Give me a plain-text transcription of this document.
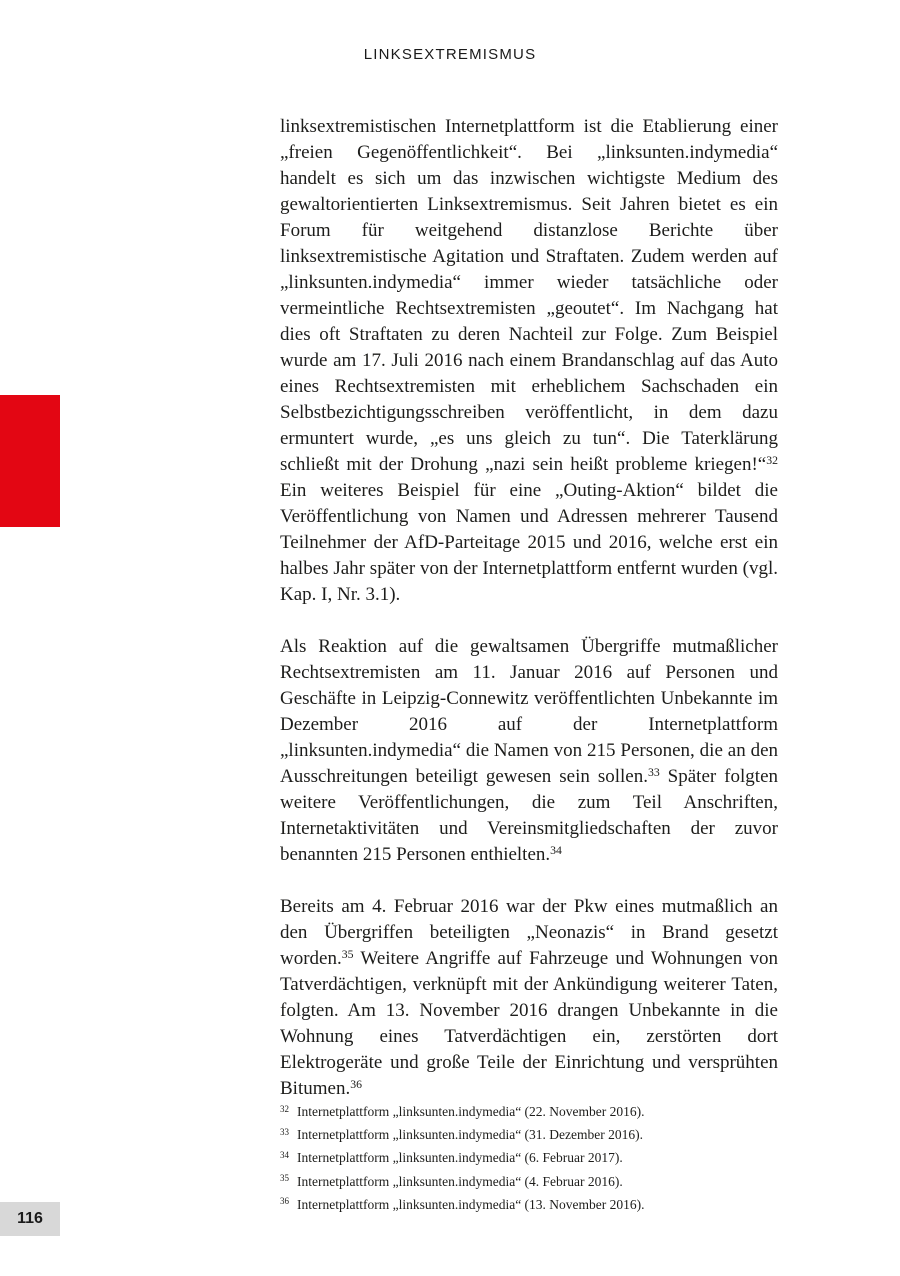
LINKSEXTREMISMUS

linksextremistischen Internetplattform ist die Etablierung einer „freien Gegenöffentlichkeit“. Bei „linksunten.indymedia“ handelt es sich um das inzwischen wichtigste Medium des gewaltorientierten Linksextremismus. Seit Jahren bietet es ein Forum für weitgehend distanzlose Berichte über linksextremistische Agitation und Straftaten. Zudem werden auf „linksunten.indymedia“ immer wieder tatsächliche oder vermeintliche Rechtsextremisten „geoutet“. Im Nachgang hat dies oft Straftaten zu deren Nachteil zur Folge. Zum Beispiel wurde am 17. Juli 2016 nach einem Brandanschlag auf das Auto eines Rechtsextremisten mit erheblichem Sachschaden ein Selbstbezichtigungsschreiben veröffentlicht, in dem dazu ermuntert wurde, „es uns gleich zu tun“. Die Taterklärung schließt mit der Drohung „nazi sein heißt probleme kriegen!“$^{32}$ Ein weiteres Beispiel für eine „Outing-Aktion“ bildet die Veröffentlichung von Namen und Adressen mehrerer Tausend Teilnehmer der AfD-Parteitage 2015 und 2016, welche erst ein halbes Jahr später von der Internetplattform entfernt wurden (vgl. Kap. I, Nr. 3.1).

Als Reaktion auf die gewaltsamen Übergriffe mutmaßlicher Rechtsextremisten am 11. Januar 2016 auf Personen und Geschäfte in Leipzig-Connewitz veröffentlichten Unbekannte im Dezember 2016 auf der Internetplattform „linksunten.indymedia“ die Namen von 215 Personen, die an den Ausschreitungen beteiligt gewesen sein sollen.$^{33}$ Später folgten weitere Veröffentlichungen, die zum Teil Anschriften, Internetaktivitäten und Vereinsmitgliedschaften der zuvor benannten 215 Personen enthielten.$^{34}$

Bereits am 4. Februar 2016 war der Pkw eines mutmaßlich an den Übergriffen beteiligten „Neonazis“ in Brand gesetzt worden.$^{35}$ Weitere Angriffe auf Fahrzeuge und Wohnungen von Tatverdächtigen, verknüpft mit der Ankündigung weiterer Taten, folgten. Am 13. November 2016 drangen Unbekannte in die Wohnung eines Tatverdächtigen ein, zerstörten dort Elektrogeräte und große Teile der Einrichtung und versprühten Bitumen.$^{36}$

32 Internetplattform „linksunten.indymedia“ (22. November 2016).
33 Internetplattform „linksunten.indymedia“ (31. Dezember 2016).
34 Internetplattform „linksunten.indymedia“ (6. Februar 2017).
35 Internetplattform „linksunten.indymedia“ (4. Februar 2016).
36 Internetplattform „linksunten.indymedia“ (13. November 2016).
116
